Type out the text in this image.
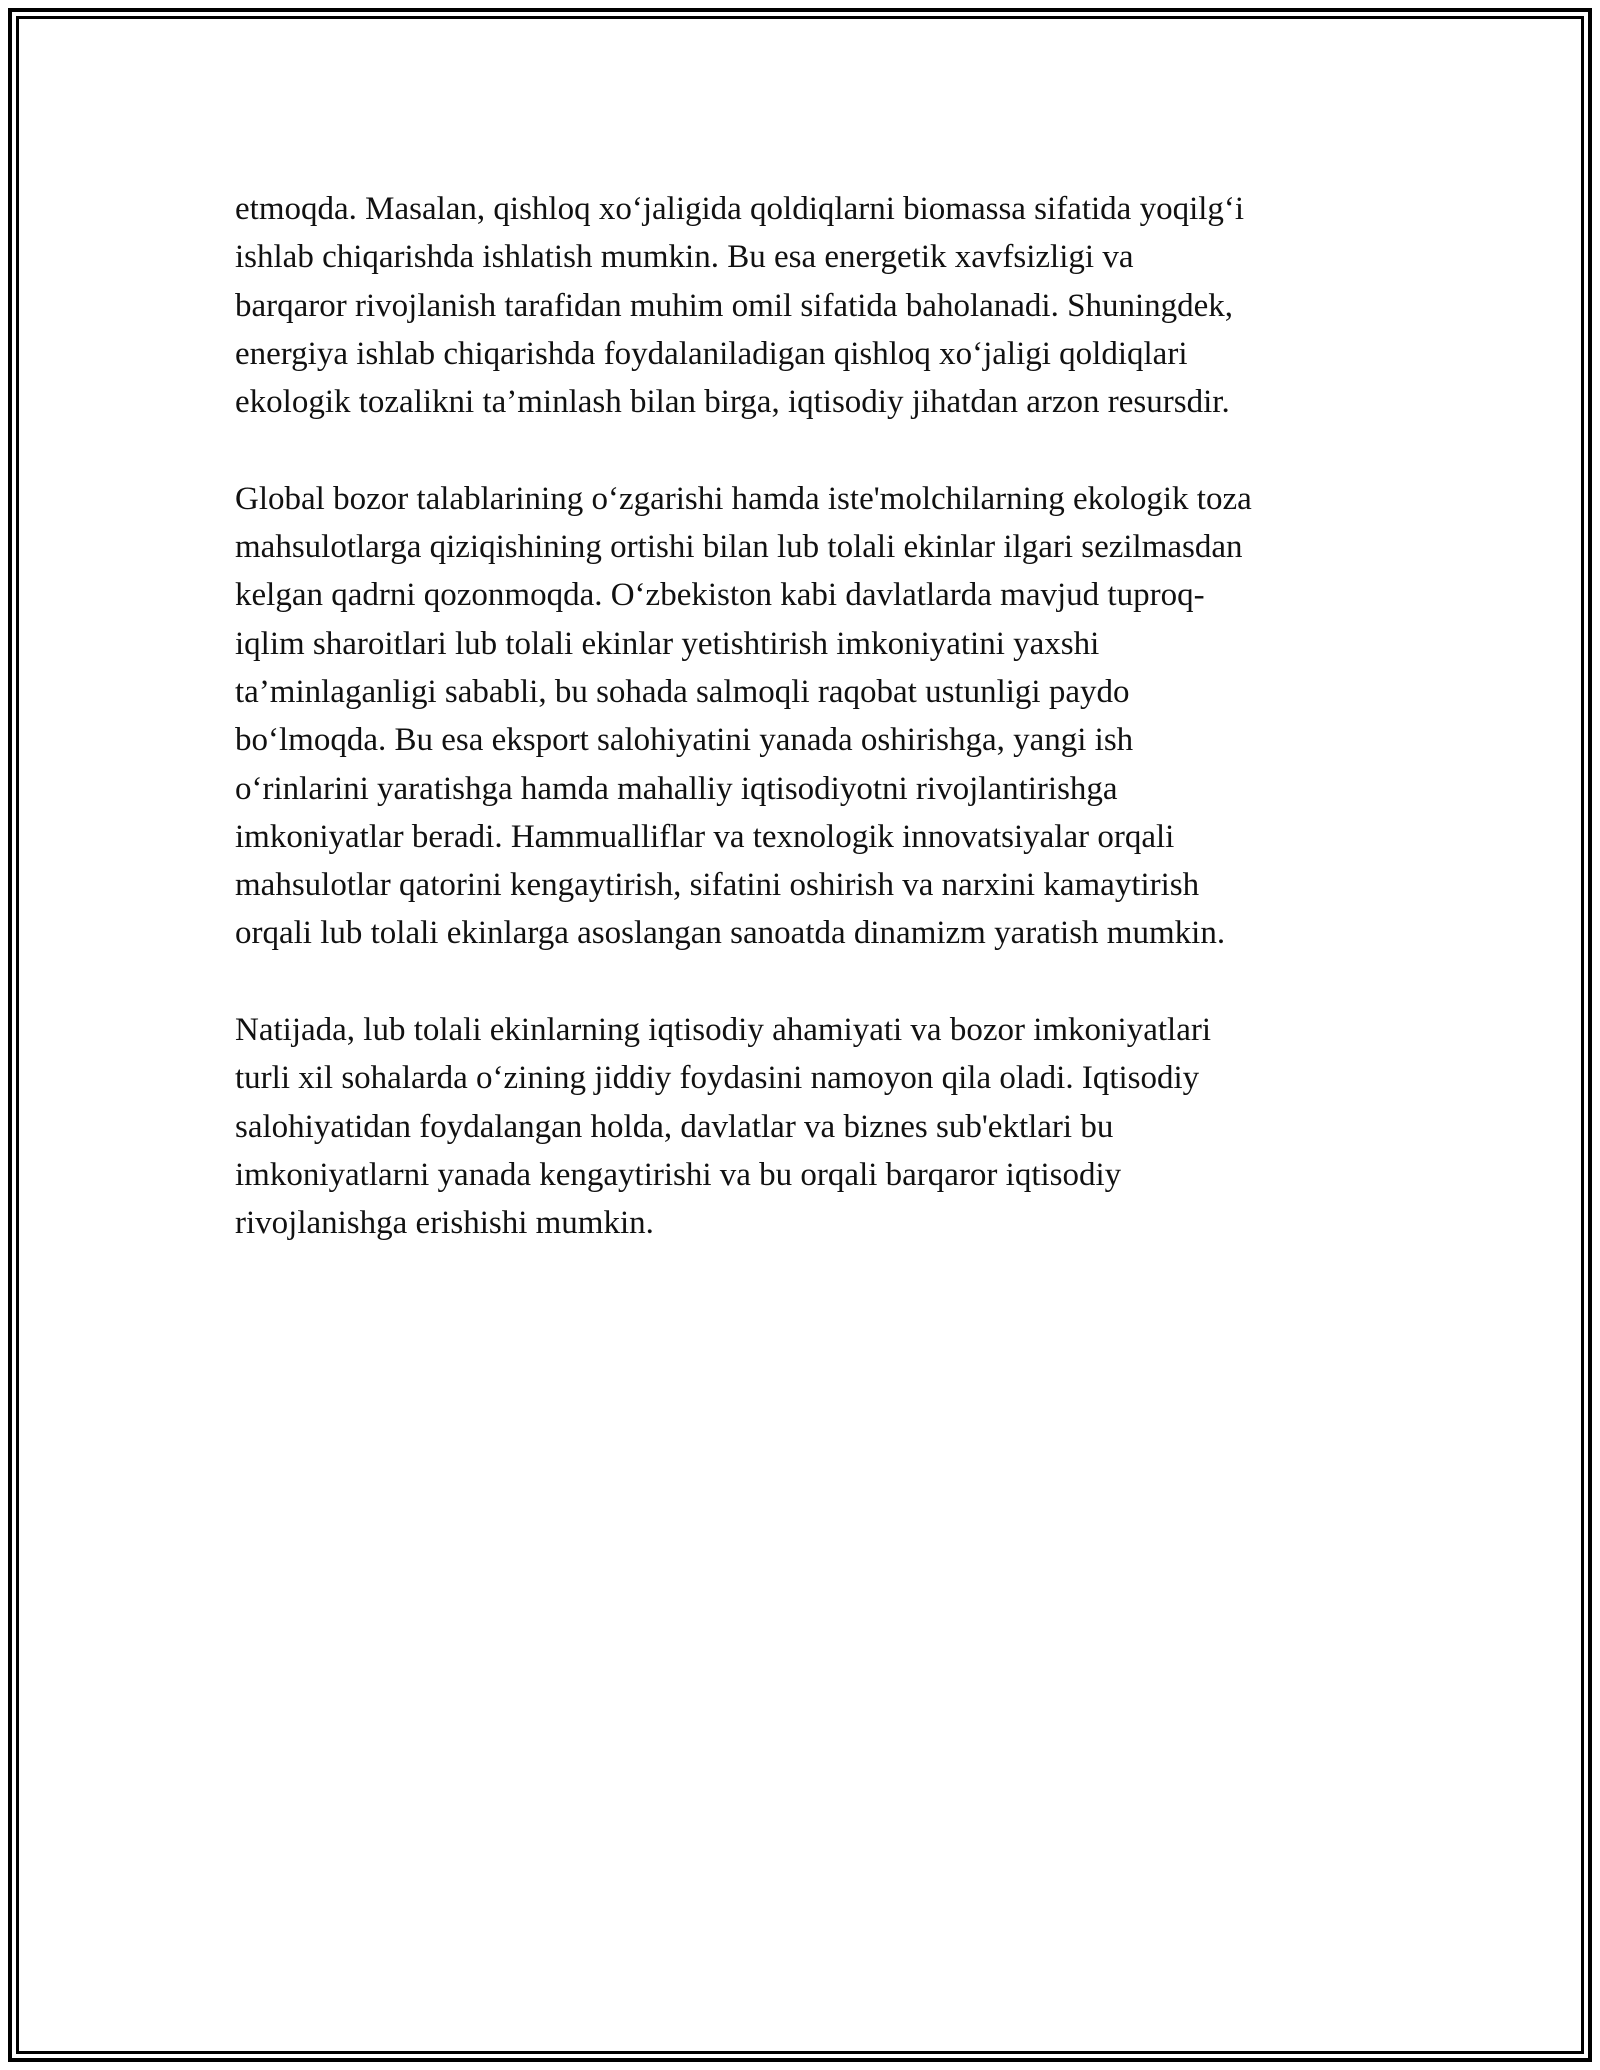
etmoqda. Masalan, qishloq xo‘jaligida qoldiqlarni biomassa sifatida yoqilg‘i
ishlab chiqarishda ishlatish mumkin. Bu esa energetik xavfsizligi va
barqaror rivojlanish tarafidan muhim omil sifatida baholanadi. Shuningdek,
energiya ishlab chiqarishda foydalaniladigan qishloq xo‘jaligi qoldiqlari
ekologik tozalikni ta’minlash bilan birga, iqtisodiy jihatdan arzon resursdir.

Global bozor talablarining o‘zgarishi hamda iste'molchilarning ekologik toza
mahsulotlarga qiziqishining ortishi bilan lub tolali ekinlar ilgari sezilmasdan
kelgan qadrni qozonmoqda. O‘zbekiston kabi davlatlarda mavjud tuproq-
iqlim sharoitlari lub tolali ekinlar yetishtirish imkoniyatini yaxshi
ta’minlaganligi sababli, bu sohada salmoqli raqobat ustunligi paydo
bo‘lmoqda. Bu esa eksport salohiyatini yanada oshirishga, yangi ish
o‘rinlarini yaratishga hamda mahalliy iqtisodiyotni rivojlantirishga
imkoniyatlar beradi. Hammualliflar va texnologik innovatsiyalar orqali
mahsulotlar qatorini kengaytirish, sifatini oshirish va narxini kamaytirish
orqali lub tolali ekinlarga asoslangan sanoatda dinamizm yaratish mumkin.

Natijada, lub tolali ekinlarning iqtisodiy ahamiyati va bozor imkoniyatlari
turli xil sohalarda o‘zining jiddiy foydasini namoyon qila oladi. Iqtisodiy
salohiyatidan foydalangan holda, davlatlar va biznes sub'ektlari bu
imkoniyatlarni yanada kengaytirishi va bu orqali barqaror iqtisodiy
rivojlanishga erishishi mumkin.
